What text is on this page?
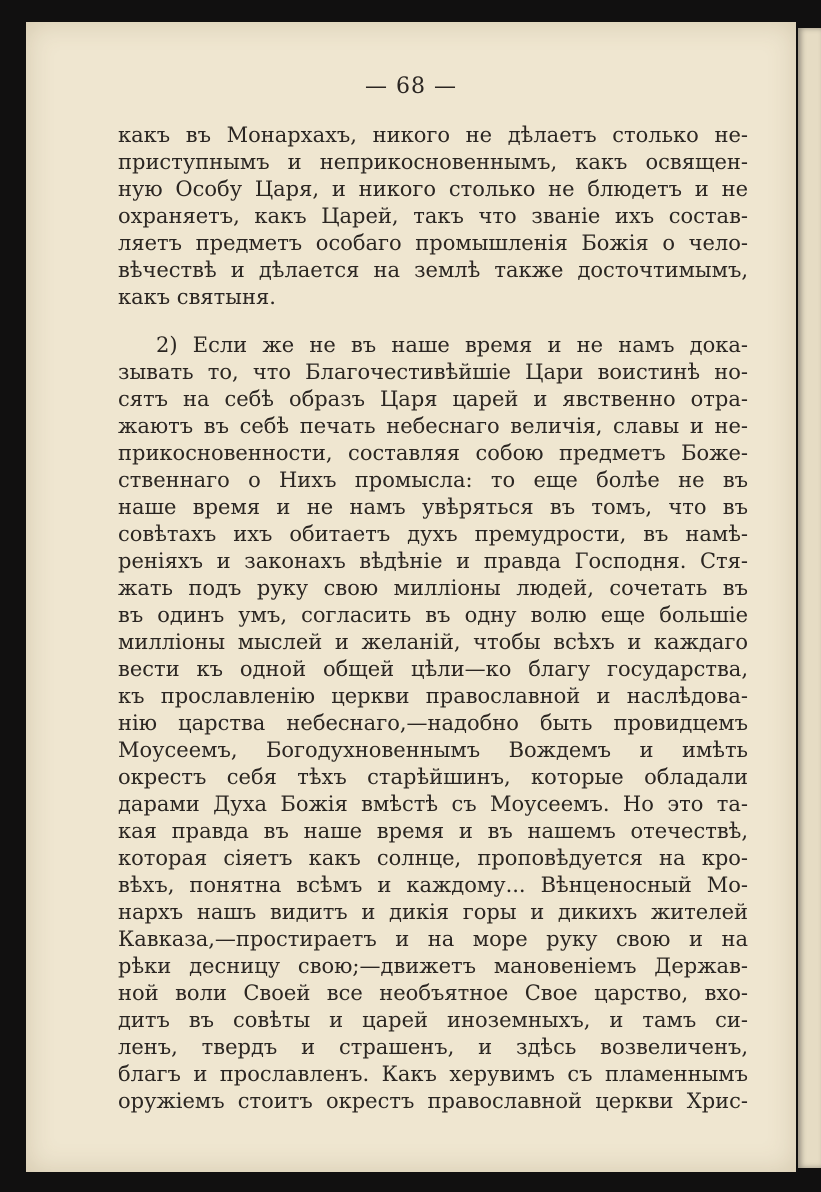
— 68 —
какъ въ Монархахъ, никого не дѣлаетъ столько не-
приступнымъ и неприкосновеннымъ, какъ освящен-
ную Особу Царя, и никого столько не блюдетъ и не
охраняетъ, какъ Царей, такъ что званіе ихъ состав-
ляетъ предметъ особаго промышленія Божія о чело-
вѣчествѣ и дѣлается на землѣ также досточтимымъ,
какъ святыня.
2) Если же не въ наше время и не намъ дока-
зывать то, что Благочестивѣйшіе Цари воистинѣ но-
сятъ на себѣ образъ Царя царей и явственно отра-
жаютъ въ себѣ печать небеснаго величія, славы и не-
прикосновенности, составляя собою предметъ Боже-
ственнаго о Нихъ промысла: то еще болѣе не въ
наше время и не намъ увѣряться въ томъ, что въ
совѣтахъ ихъ обитаетъ духъ премудрости, въ намѣ-
реніяхъ и законахъ вѣдѣніе и правда Господня. Стя-
жать подъ руку свою милліоны людей, сочетать въ
въ одинъ умъ, согласить въ одну волю еще большіе
милліоны мыслей и желаній, чтобы всѣхъ и каждаго
вести къ одной общей цѣли—ко благу государства,
къ прославленію церкви православной и наслѣдова-
нію царства небеснаго,—надобно быть провидцемъ
Моусеемъ, Богодухновеннымъ Вождемъ и имѣть
окрестъ себя тѣхъ старѣйшинъ, которые обладали
дарами Духа Божія вмѣстѣ съ Моусеемъ. Но это та-
кая правда въ наше время и въ нашемъ отечествѣ,
которая сіяетъ какъ солнце, проповѣдуется на кро-
вѣхъ, понятна всѣмъ и каждому... Вѣнценосный Мо-
нархъ нашъ видитъ и дикія горы и дикихъ жителей
Кавказа,—простираетъ и на море руку свою и на
рѣки десницу свою;—движетъ мановеніемъ Держав-
ной воли Своей все необъятное Свое царство, вхо-
дитъ въ совѣты и царей иноземныхъ, и тамъ си-
ленъ, твердъ и страшенъ, и здѣсь возвеличенъ,
благъ и прославленъ. Какъ херувимъ съ пламеннымъ
оружіемъ стоитъ окрестъ православной церкви Хрис-
